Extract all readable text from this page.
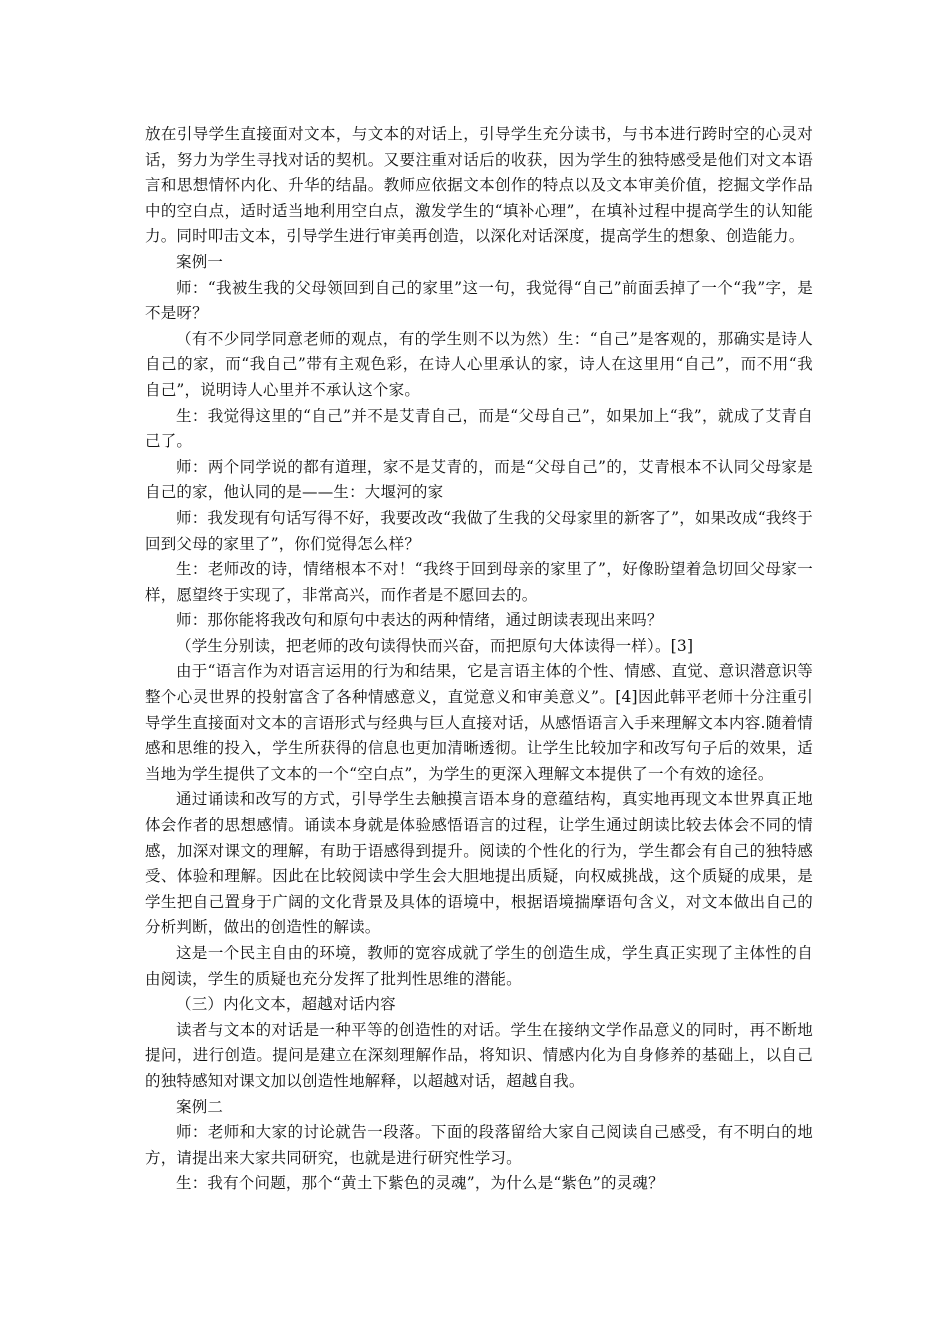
放在引导学生直接面对文本，与文本的对话上，引导学生充分读书，与书本进行跨时空的心灵对话，努力为学生寻找对话的契机。又要注重对话后的收获，因为学生的独特感受是他们对文本语言和思想情怀内化、升华的结晶。教师应依据文本创作的特点以及文本审美价值，挖掘文学作品中的空白点，适时适当地利用空白点，激发学生的“填补心理”，在填补过程中提高学生的认知能力。同时叩击文本，引导学生进行审美再创造，以深化对话深度，提高学生的想象、创造能力。

案例一

师：“我被生我的父母领回到自己的家里”这一句，我觉得“自己”前面丢掉了一个“我”字，是不是呀？

（有不少同学同意老师的观点，有的学生则不以为然）生：“自己”是客观的，那确实是诗人自己的家，而“我自己”带有主观色彩，在诗人心里承认的家，诗人在这里用“自己”，而不用“我自己”，说明诗人心里并不承认这个家。

生：我觉得这里的“自己”并不是艾青自己，而是“父母自己”，如果加上“我”，就成了艾青自己了。

师：两个同学说的都有道理，家不是艾青的，而是“父母自己”的，艾青根本不认同父母家是自己的家，他认同的是——生：大堰河的家

师：我发现有句话写得不好，我要改改“我做了生我的父母家里的新客了”，如果改成“我终于回到父母的家里了”，你们觉得怎么样？

生：老师改的诗，情绪根本不对！“我终于回到母亲的家里了”，好像盼望着急切回父母家一样，愿望终于实现了，非常高兴，而作者是不愿回去的。

师：那你能将我改句和原句中表达的两种情绪，通过朗读表现出来吗？

（学生分别读，把老师的改句读得快而兴奋，而把原句大体读得一样）。[3]

由于“语言作为对语言运用的行为和结果，它是言语主体的个性、情感、直觉、意识潜意识等整个心灵世界的投射富含了各种情感意义，直觉意义和审美意义”。[4]因此韩平老师十分注重引导学生直接面对文本的言语形式与经典与巨人直接对话，从感悟语言入手来理解文本内容.随着情感和思维的投入，学生所获得的信息也更加清晰透彻。让学生比较加字和改写句子后的效果，适当地为学生提供了文本的一个“空白点”，为学生的更深入理解文本提供了一个有效的途径。

通过诵读和改写的方式，引导学生去触摸言语本身的意蕴结构，真实地再现文本世界真正地体会作者的思想感情。诵读本身就是体验感悟语言的过程，让学生通过朗读比较去体会不同的情感，加深对课文的理解，有助于语感得到提升。阅读的个性化的行为，学生都会有自己的独特感受、体验和理解。因此在比较阅读中学生会大胆地提出质疑，向权威挑战，这个质疑的成果，是学生把自己置身于广阔的文化背景及具体的语境中，根据语境揣摩语句含义，对文本做出自己的分析判断，做出的创造性的解读。

这是一个民主自由的环境，教师的宽容成就了学生的创造生成，学生真正实现了主体性的自由阅读，学生的质疑也充分发挥了批判性思维的潜能。

（三）内化文本，超越对话内容

读者与文本的对话是一种平等的创造性的对话。学生在接纳文学作品意义的同时，再不断地提问，进行创造。提问是建立在深刻理解作品，将知识、情感内化为自身修养的基础上，以自己的独特感知对课文加以创造性地解释，以超越对话，超越自我。

案例二

师：老师和大家的讨论就告一段落。下面的段落留给大家自己阅读自己感受，有不明白的地方，请提出来大家共同研究，也就是进行研究性学习。

生：我有个问题，那个“黄土下紫色的灵魂”，为什么是“紫色”的灵魂？
